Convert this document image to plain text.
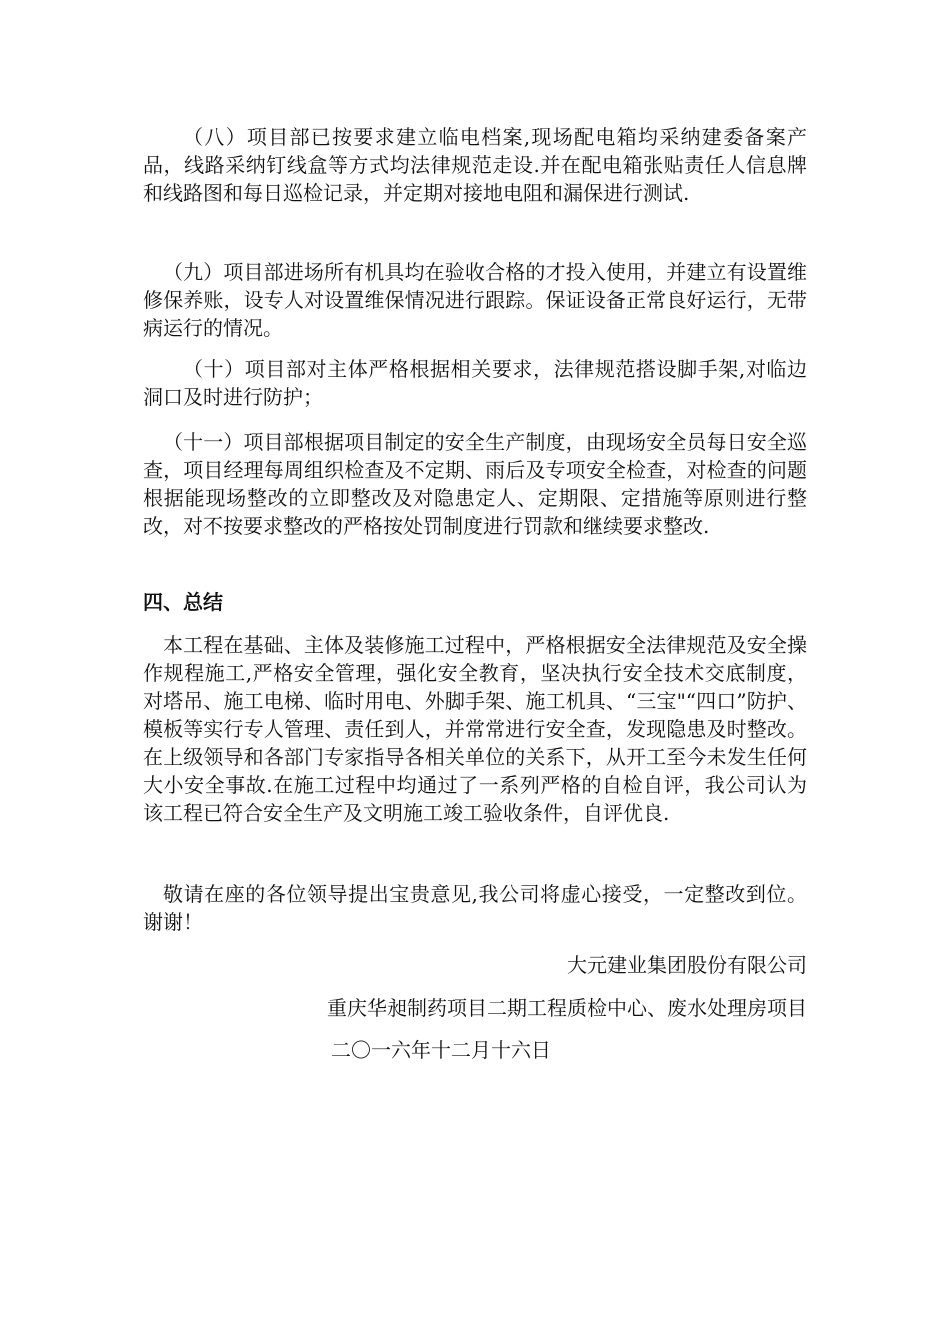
（八）项目部已按要求建立临电档案,现场配电箱均采纳建委备案产品，线路采纳钉线盒等方式均法律规范走设.并在配电箱张贴责任人信息牌和线路图和每日巡检记录，并定期对接地电阻和漏保进行测试.

（九）项目部进场所有机具均在验收合格的才投入使用，并建立有设置维修保养账，设专人对设置维保情况进行跟踪。保证设备正常良好运行，无带病运行的情况。

（十）项目部对主体严格根据相关要求，法律规范搭设脚手架,对临边洞口及时进行防护；

（十一）项目部根据项目制定的安全生产制度，由现场安全员每日安全巡查，项目经理每周组织检查及不定期、雨后及专项安全检查，对检查的问题根据能现场整改的立即整改及对隐患定人、定期限、定措施等原则进行整改，对不按要求整改的严格按处罚制度进行罚款和继续要求整改.

四、总结

本工程在基础、主体及装修施工过程中，严格根据安全法律规范及安全操作规程施工,严格安全管理，强化安全教育，坚决执行安全技术交底制度，对塔吊、施工电梯、临时用电、外脚手架、施工机具、“三宝"“四口”防护、模板等实行专人管理、责任到人，并常常进行安全查，发现隐患及时整改。在上级领导和各部门专家指导各相关单位的关系下，从开工至今未发生任何大小安全事故.在施工过程中均通过了一系列严格的自检自评，我公司认为该工程已符合安全生产及文明施工竣工验收条件，自评优良.

敬请在座的各位领导提出宝贵意见,我公司将虚心接受，一定整改到位。谢谢！

大元建业集团股份有限公司

重庆华昶制药项目二期工程质检中心、废水处理房项目

二〇一六年十二月十六日
